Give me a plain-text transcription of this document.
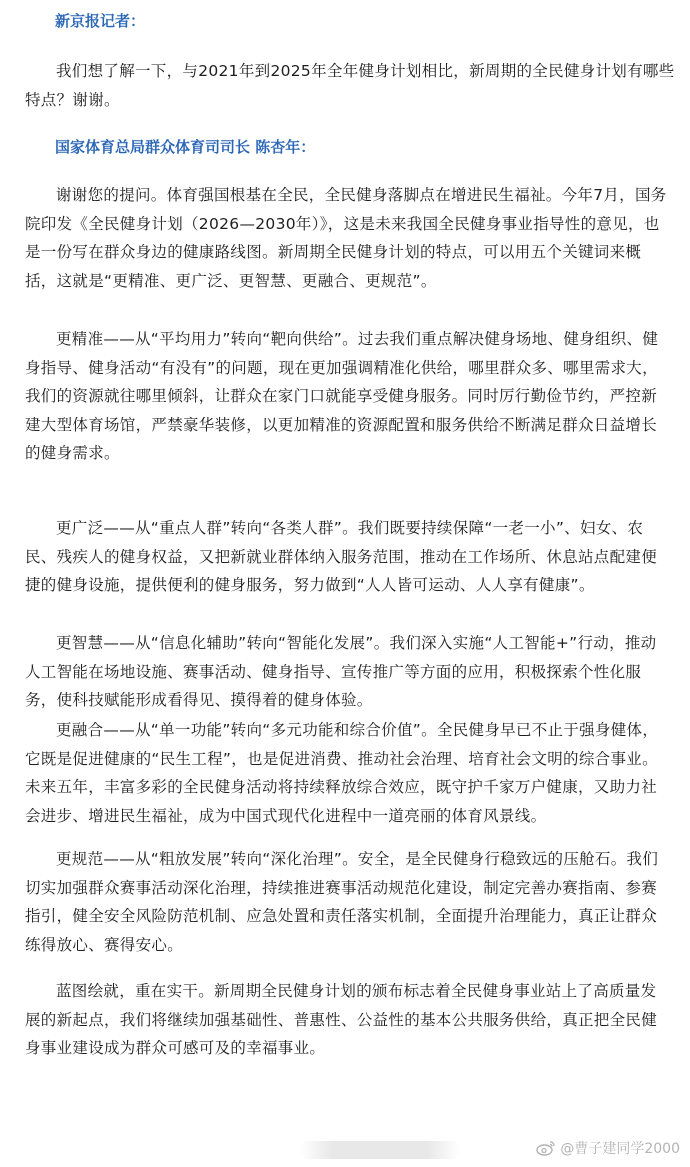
新京报记者：
我们想了解一下，与2021年到2025年全年健身计划相比，新周期的全民健身计划有哪些
特点？谢谢。
国家体育总局群众体育司司长 陈杏年：
谢谢您的提问。体育强国根基在全民，全民健身落脚点在增进民生福祉。今年7月，国务
院印发《全民健身计划（2026—2030年）》，这是未来我国全民健身事业指导性的意见，也
是一份写在群众身边的健康路线图。新周期全民健身计划的特点，可以用五个关键词来概
括，这就是“更精准、更广泛、更智慧、更融合、更规范”。
更精准——从“平均用力”转向“靶向供给”。过去我们重点解决健身场地、健身组织、健
身指导、健身活动“有没有”的问题，现在更加强调精准化供给，哪里群众多、哪里需求大，
我们的资源就往哪里倾斜，让群众在家门口就能享受健身服务。同时厉行勤俭节约，严控新
建大型体育场馆，严禁豪华装修，以更加精准的资源配置和服务供给不断满足群众日益增长
的健身需求。
更广泛——从“重点人群”转向“各类人群”。我们既要持续保障“一老一小”、妇女、农
民、残疾人的健身权益，又把新就业群体纳入服务范围，推动在工作场所、休息站点配建便
捷的健身设施，提供便利的健身服务，努力做到“人人皆可运动、人人享有健康”。
更智慧——从“信息化辅助”转向“智能化发展”。我们深入实施“人工智能+”行动，推动
人工智能在场地设施、赛事活动、健身指导、宣传推广等方面的应用，积极探索个性化服
务，使科技赋能形成看得见、摸得着的健身体验。
更融合——从“单一功能”转向“多元功能和综合价值”。全民健身早已不止于强身健体，
它既是促进健康的“民生工程”，也是促进消费、推动社会治理、培育社会文明的综合事业。
未来五年，丰富多彩的全民健身活动将持续释放综合效应，既守护千家万户健康，又助力社
会进步、增进民生福祉，成为中国式现代化进程中一道亮丽的体育风景线。
更规范——从“粗放发展”转向“深化治理”。安全，是全民健身行稳致远的压舱石。我们
切实加强群众赛事活动深化治理，持续推进赛事活动规范化建设，制定完善办赛指南、参赛
指引，健全安全风险防范机制、应急处置和责任落实机制，全面提升治理能力，真正让群众
练得放心、赛得安心。
蓝图绘就，重在实干。新周期全民健身计划的颁布标志着全民健身事业站上了高质量发
展的新起点，我们将继续加强基础性、普惠性、公益性的基本公共服务供给，真正把全民健
身事业建设成为群众可感可及的幸福事业。
@曹子建同学2000
